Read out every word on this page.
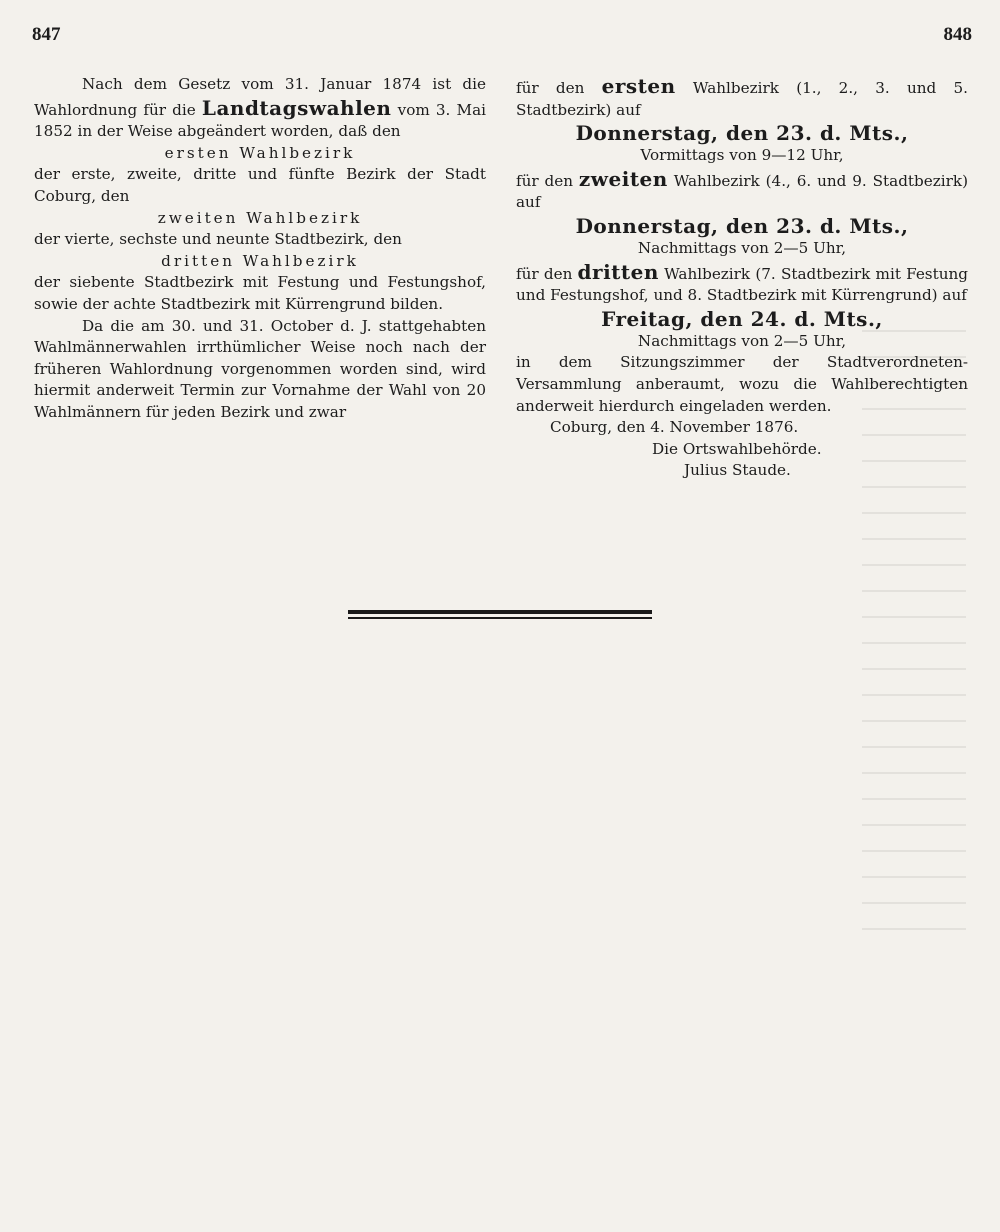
847	848

Nach dem Gesetz vom 31. Januar 1874 ist die Wahlordnung für die Landtagswahlen vom 3. Mai 1852 in der Weise abgeändert worden, daß den

ersten Wahlbezirk

der erste, zweite, dritte und fünfte Bezirk der Stadt Coburg, den

zweiten Wahlbezirk

der vierte, sechste und neunte Stadtbezirk, den

dritten Wahlbezirk

der siebente Stadtbezirk mit Festung und Festungshof, sowie der achte Stadtbezirk mit Kürrengrund bilden.

Da die am 30. und 31. October d. J. stattgehabten Wahlmännerwahlen irrthümlicher Weise noch nach der früheren Wahlordnung vorgenommen worden sind, wird hiermit anderweit Termin zur Vornahme der Wahl von 20 Wahlmännern für jeden Bezirk und zwar

für den ersten Wahlbezirk (1., 2., 3. und 5. Stadtbezirk) auf

Donnerstag, den 23. d. Mts.,

Vormittags von 9—12 Uhr,

für den zweiten Wahlbezirk (4., 6. und 9. Stadtbezirk) auf

Donnerstag, den 23. d. Mts.,

Nachmittags von 2—5 Uhr,

für den dritten Wahlbezirk (7. Stadtbezirk mit Festung und Festungshof, und 8. Stadtbezirk mit Kürrengrund) auf

Freitag, den 24. d. Mts.,

Nachmittags von 2—5 Uhr,

in dem Sitzungszimmer der Stadtverordneten-Versammlung anberaumt, wozu die Wahlberechtigten anderweit hierdurch eingeladen werden.

Coburg, den 4. November 1876.

Die Ortswahlbehörde.

Julius Staude.
